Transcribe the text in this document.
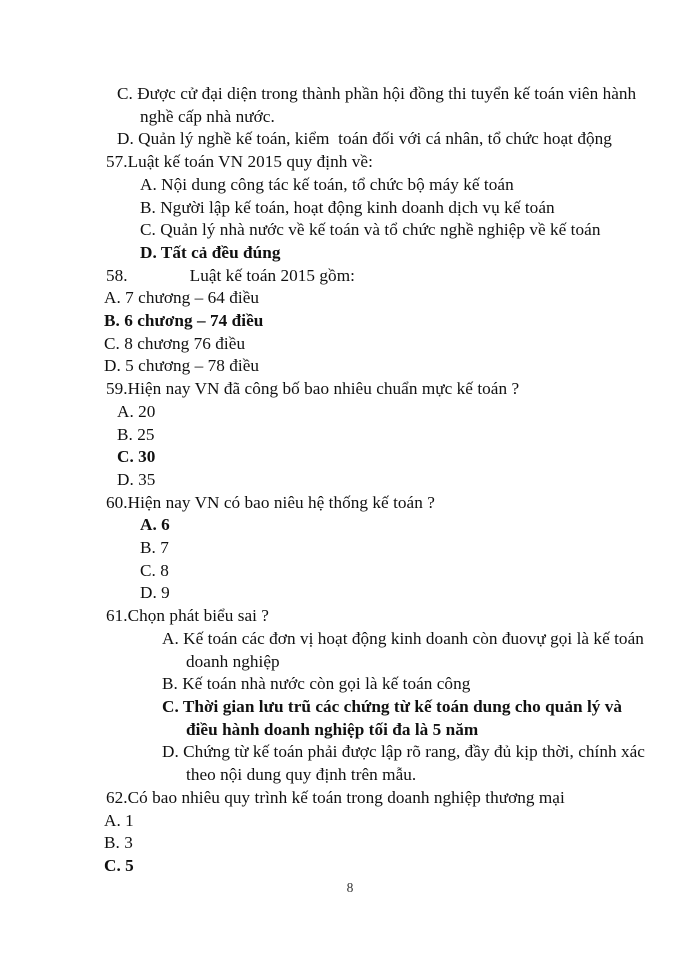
C. Được cử đại diện trong thành phần hội đồng thi tuyển kế toán viên hành
nghề cấp nhà nước.
D. Quản lý nghề kế toán, kiểm  toán đối với cá nhân, tổ chức hoạt động
57.Luật kế toán VN 2015 quy định về:
A. Nội dung công tác kế toán, tổ chức bộ máy kế toán
B. Người lập kế toán, hoạt động kinh doanh dịch vụ kế toán
C. Quản lý nhà nước về kế toán và tổ chức nghề nghiệp về kế toán
D. Tất cả đều đúng
58.	Luật kế toán 2015 gồm:
A. 7 chương – 64 điều
B. 6 chương – 74 điều
C. 8 chương 76 điều
D. 5 chương – 78 điều
59.Hiện nay VN đã công bố bao nhiêu chuẩn mực kế toán ?
A. 20
B. 25
C. 30
D. 35
60.Hiện nay VN có bao niêu hệ thống kế toán ?
A. 6
B. 7
C. 8
D. 9
61.Chọn phát biểu sai ?
A. Kế toán các đơn vị hoạt động kinh doanh còn đuovự gọi là kế toán
doanh nghiệp
B. Kế toán nhà nước còn gọi là kế toán công
C. Thời gian lưu trũ các chứng từ kế toán dung cho quản lý và
điều hành doanh nghiệp tối đa là 5 năm
D. Chứng từ kế toán phải được lập rõ rang, đầy đủ kịp thời, chính xác
theo nội dung quy định trên mẫu.
62.Có bao nhiêu quy trình kế toán trong doanh nghiệp thương mại
A. 1
B. 3
C. 5
8
